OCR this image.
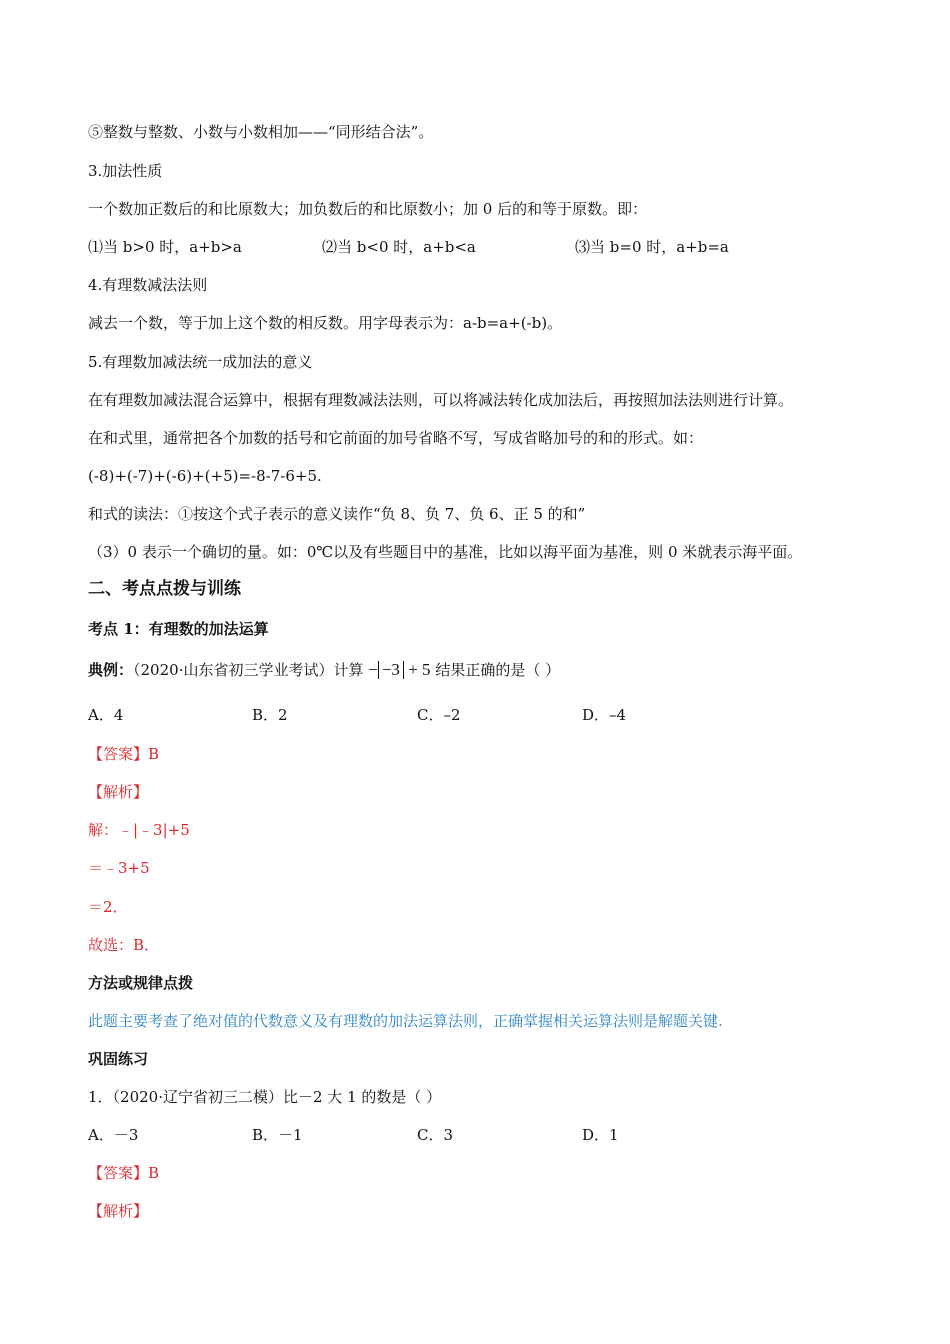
⑤整数与整数、小数与小数相加——“同形结合法”。
3.加法性质
一个数加正数后的和比原数大；加负数后的和比原数小；加 0 后的和等于原数。即：
⑴当 b>0 时，a+b>a	⑵当 b<0 时，a+b<a	⑶当 b=0 时，a+b=a
4.有理数减法法则
减去一个数，等于加上这个数的相反数。用字母表示为：a-b=a+(-b)。
5.有理数加减法统一成加法的意义
在有理数加减法混合运算中，根据有理数减法法则，可以将减法转化成加法后，再按照加法法则进行计算。
在和式里，通常把各个加数的括号和它前面的加号省略不写，写成省略加号的和的形式。如：
(-8)+(-7)+(-6)+(+5)=-8-7-6+5.
和式的读法：①按这个式子表示的意义读作“负 8、负 7、负 6、正 5 的和”
（3）0 表示一个确切的量。如：0℃以及有些题目中的基准，比如以海平面为基准，则 0 米就表示海平面。
二、考点点拨与训练
考点 1：有理数的加法运算
典例：（2020·山东省初三学业考试）计算 − −3 + 5 结果正确的是（ ）
A．4	B．2	C．–2	D．–4
【答案】B
【解析】
解：﹣|﹣3|+5
＝﹣3+5
＝2．
故选：B．
方法或规律点拨
此题主要考查了绝对值的代数意义及有理数的加法运算法则，正确掌握相关运算法则是解题关键.
巩固练习
1．（2020·辽宁省初三二模）比－2 大 1 的数是（ ）
A．－3	B．－1	C．3	D．1
【答案】B
【解析】
